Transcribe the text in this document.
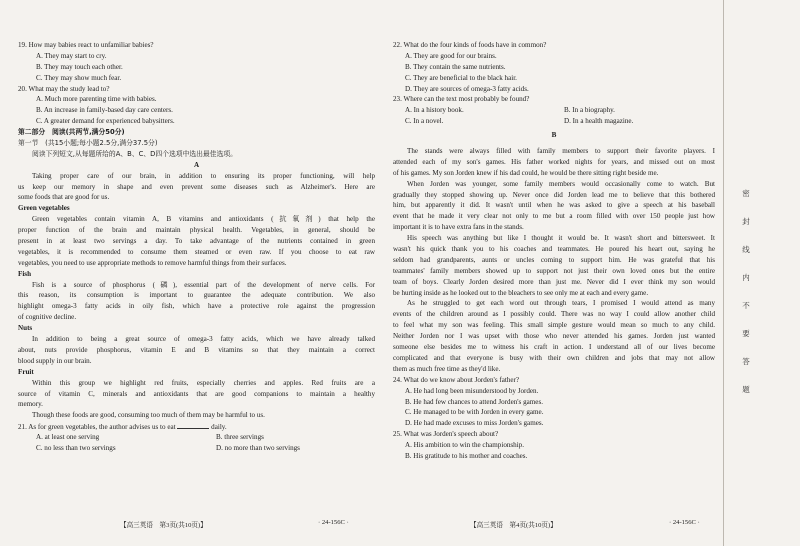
19. How may babies react to unfamiliar babies?
A. They may start to cry.
B. They may touch each other.
C. They may show much fear.
20. What may the study lead to?
A. Much more parenting time with babies.
B. An increase in family-based day care centers.
C. A greater demand for experienced babysitters.
第二部分　阅读(共两节,满分50分)
第一节　(共15小题;每小题2.5分,满分37.5分)
阅读下列短文,从每题所给的A、B、C、D四个选项中选出最佳选项。
A
Taking proper care of our brain, in addition to ensuring its proper functioning, will help
us keep our memory in shape and even prevent some diseases such as Alzheimer's. Here are
some foods that are good for us.
Green vegetables
Green vegetables contain vitamin A, B vitamins and antioxidants (抗氧剂) that help the
proper function of the brain and maintain physical health. Vegetables, in general, should be
present in at least two servings a day. To take advantage of the nutrients contained in green
vegetables, it is recommended to consume them steamed or even raw. If you choose to eat raw
vegetables, you need to use appropriate methods to remove harmful things from their surfaces.
Fish
Fish is a source of phosphorus (磷), essential part of the development of nerve cells. For
this reason, its consumption is important to guarantee the adequate contribution. We also
highlight omega-3 fatty acids in oily fish, which have a protective role against the progression
of cognitive decline.
Nuts
In addition to being a great source of omega-3 fatty acids, which we have already talked
about, nuts provide phosphorus, vitamin E and B vitamins so that they maintain a correct
blood supply in our brain.
Fruit
Within this group we highlight red fruits, especially cherries and apples. Red fruits are a
source of vitamin C, minerals and antioxidants that are good companions to maintain a healthy
memory.
Though these foods are good, consuming too much of them may be harmful to us.
21. As for green vegetables, the author advises us to eat	daily.
A. at least one serving	B. three servings
C. no less than two servings	D. no more than two servings
【高三英语　第3页(共10页)】	· 24-156C ·
22. What do the four kinds of foods have in common?
A. They are good for our brains.
B. They contain the same nutrients.
C. They are beneficial to the black hair.
D. They are sources of omega-3 fatty acids.
23. Where can the text most probably be found?
A. In a history book.	B. In a biography.
C. In a novel.	D. In a health magazine.
B
The stands were always filled with family members to support their favorite players. I
attended each of my son's games. His father worked nights for years, and missed out on most
of his games. My son Jorden knew if his dad could, he would be there sitting right beside me.
When Jorden was younger, some family members would occasionally come to watch. But
gradually they stopped showing up. Never once did Jorden lead me to believe that this bothered
him, but apparently it did. It wasn't until when he was asked to give a speech at his baseball
event that he made it very clear not only to me but a room filled with over 150 people just how
important it is to have extra fans in the stands.
His speech was anything but like I thought it would be. It wasn't short and bittersweet. It
wasn't his quick thank you to his coaches and teammates. He poured his heart out, saying he
seldom had grandparents, aunts or uncles coming to support him. He was grateful that his
teammates' family members showed up to support not just their own loved ones but the entire
team of boys. Clearly Jorden desired more than just me. Never did I ever think my son would
be hurting inside as he looked out to the bleachers to see only me at each and every game.
As he struggled to get each word out through tears, I promised I would attend as many
events of the children around as I possibly could. There was no way I could allow another child
to feel what my son was feeling. This small simple gesture would mean so much to any child.
Neither Jorden nor I was upset with those who never attended his games. Jorden just wanted
someone else besides me to witness his craft in action. I understand all of our lives become
complicated and that everyone is busy with their own children and jobs that may not allow
them as much free time as they'd like.
24. What do we know about Jorden's father?
A. He had long been misunderstood by Jorden.
B. He had few chances to attend Jorden's games.
C. He managed to be with Jorden in every game.
D. He had made excuses to miss Jorden's games.
25. What was Jorden's speech about?
A. His ambition to win the championship.
B. His gratitude to his mother and coaches.
【高三英语　第4页(共10页)】	· 24-156C ·
密
封
线
内
不
要
答
题
